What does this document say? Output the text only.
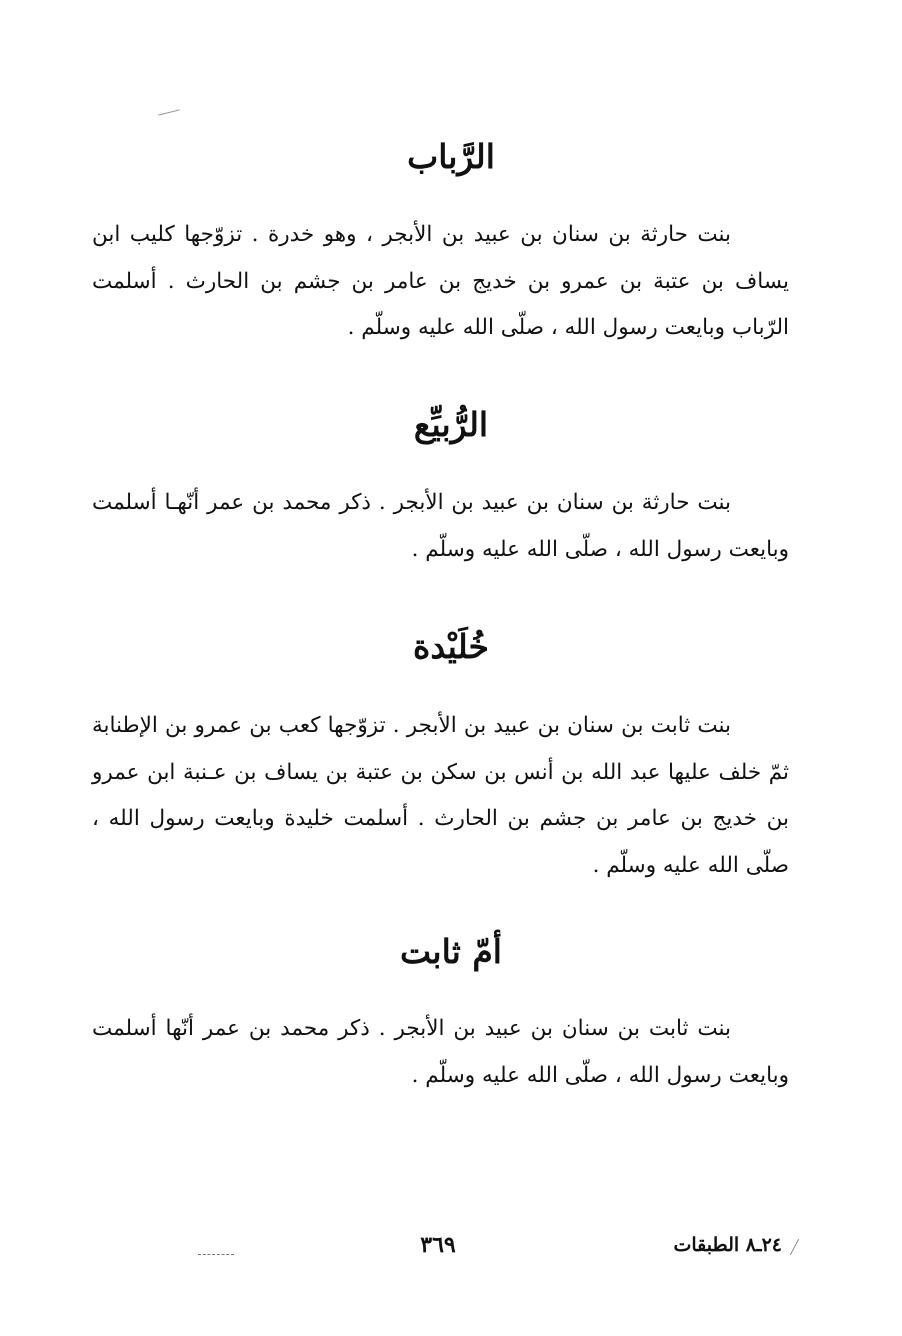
الرَّباب

بنت حارثة بن سنان بن عبيد بن الأبجر ، وهو خدرة . تزوّجها كليب ابن يساف بن عتبة بن عمرو بن خديج بن عامر بن جشم بن الحارث . أسلمت الرّباب وبايعت رسول الله ، صلّى الله عليه وسلّم .

الرُّبيِّع

بنت حارثة بن سنان بن عبيد بن الأبجر . ذكر محمد بن عمر أنّهـا أسلمت وبايعت رسول الله ، صلّى الله عليه وسلّم .

خُلَيْدة

بنت ثابت بن سنان بن عبيد بن الأبجر . تزوّجها كعب بن عمرو بن الإطنابة ثمّ خلف عليها عبد الله بن أنس بن سكن بن عتبة بن يساف بن عـنبة ابن عمرو بن خديج بن عامر بن جشم بن الحارث . أسلمت خليدة وبايعت رسول الله ، صلّى الله عليه وسلّم .

أمّ ثابت

بنت ثابت بن سنان بن عبيد بن الأبجر . ذكر محمد بن عمر أنّها أسلمت وبايعت رسول الله ، صلّى الله عليه وسلّم .

٣٦٩	٢٤ـ٨ الطبقات
